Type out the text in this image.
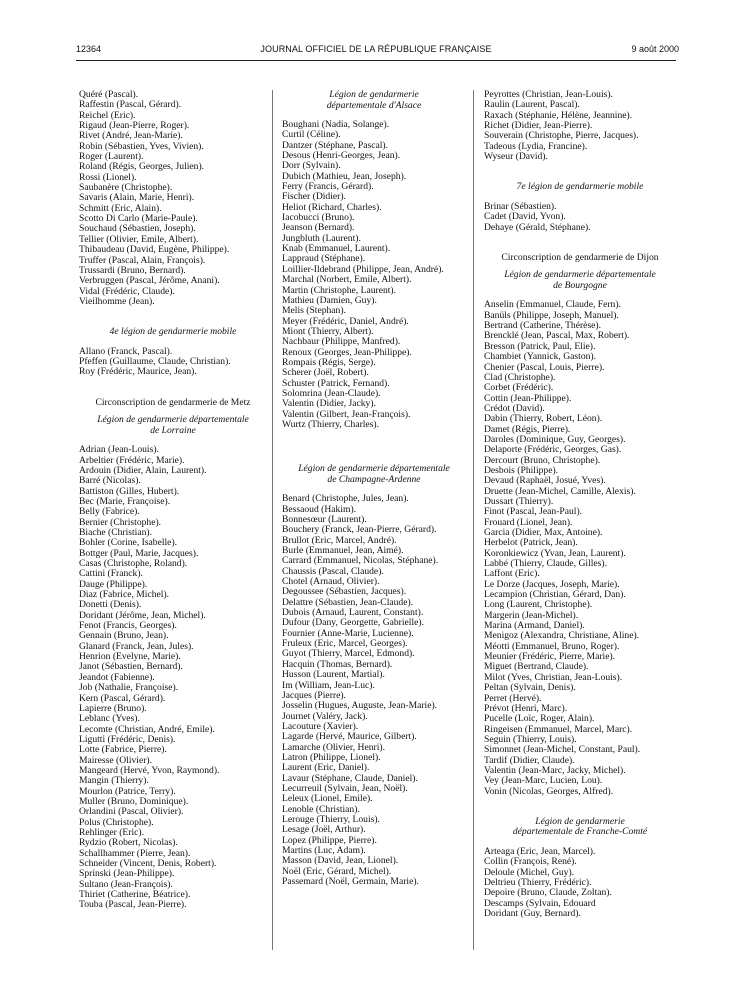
12364	JOURNAL OFFICIEL DE LA RÉPUBLIQUE FRANÇAISE	9 août 2000
Quéré (Pascal).
Raffestin (Pascal, Gérard).
Reichel (Eric).
Rigaud (Jean-Pierre, Roger).
Rivet (André, Jean-Marie).
Robin (Sébastien, Yves, Vivien).
Roger (Laurent).
Roland (Régis, Georges, Julien).
Rossi (Lionel).
Saubanère (Christophe).
Savaris (Alain, Marie, Henri).
Schmitt (Eric, Alain).
Scotto Di Carlo (Marie-Paule).
Souchaud (Sébastien, Joseph).
Tellier (Olivier, Emile, Albert).
Thibaudeau (David, Eugène, Philippe).
Truffer (Pascal, Alain, François).
Trussardi (Bruno, Bernard).
Verbruggen (Pascal, Jérôme, Anani).
Vidal (Frédéric, Claude).
Vieilhomme (Jean).
4e légion de gendarmerie mobile
Allano (Franck, Pascal).
Pfeffen (Guillaume, Claude, Christian).
Roy (Frédéric, Maurice, Jean).
Circonscription de gendarmerie de Metz
Légion de gendarmerie départementale
de Lorraine
Adrian (Jean-Louis).
Arbeltier (Frédéric, Marie).
Ardouin (Didier, Alain, Laurent).
Barré (Nicolas).
Battiston (Gilles, Hubert).
Bec (Marie, Françoise).
Belly (Fabrice).
Bernier (Christophe).
Biache (Christian).
Bohler (Corine, Isabelle).
Bottger (Paul, Marie, Jacques).
Casas (Christophe, Roland).
Cattini (Franck).
Dauge (Philippe).
Diaz (Fabrice, Michel).
Donetti (Denis).
Doridant (Jérôme, Jean, Michel).
Fenot (Francis, Georges).
Gennain (Bruno, Jean).
Glanard (Franck, Jean, Jules).
Henrion (Evelyne, Marie).
Janot (Sébastien, Bernard).
Jeandot (Fabienne).
Job (Nathalie, Françoise).
Kern (Pascal, Gérard).
Lapierre (Bruno).
Leblanc (Yves).
Lecomte (Christian, André, Emile).
Ligutti (Frédéric, Denis).
Lotte (Fabrice, Pierre).
Mairesse (Olivier).
Mangeard (Hervé, Yvon, Raymond).
Mangin (Thierry).
Mourlon (Patrice, Terry).
Muller (Bruno, Dominique).
Orlandini (Pascal, Olivier).
Polus (Christophe).
Rehlinger (Eric).
Rydzio (Robert, Nicolas).
Schallhammer (Pierre, Jean).
Schneider (Vincent, Denis, Robert).
Sprinski (Jean-Philippe).
Sultano (Jean-François).
Thiriet (Catherine, Béatrice).
Touba (Pascal, Jean-Pierre).
Légion de gendarmerie
départementale d'Alsace
Boughani (Nadia, Solange).
Curtil (Céline).
Dantzer (Stéphane, Pascal).
Desous (Henri-Georges, Jean).
Dorr (Sylvain).
Dubich (Mathieu, Jean, Joseph).
Ferry (Francis, Gérard).
Fischer (Didier).
Heliot (Richard, Charles).
Iacobucci (Bruno).
Jeanson (Bernard).
Jungbluth (Laurent).
Knab (Emmanuel, Laurent).
Lappraud (Stéphane).
Loillier-Ildebrand (Philippe, Jean, André).
Marchal (Norbert, Emile, Albert).
Martin (Christophe, Laurent).
Mathieu (Damien, Guy).
Melis (Stephan).
Meyer (Frédéric, Daniel, André).
Miont (Thierry, Albert).
Nachbaur (Philippe, Manfred).
Renoux (Georges, Jean-Philippe).
Rompais (Régis, Serge).
Scherer (Joël, Robert).
Schuster (Patrick, Fernand).
Solomrina (Jean-Claude).
Valentin (Didier, Jacky).
Valentin (Gilbert, Jean-François).
Wurtz (Thierry, Charles).
Légion de gendarmerie départementale
de Champagne-Ardenne
Benard (Christophe, Jules, Jean).
Bessaoud (Hakim).
Bonnesœur (Laurent).
Bouchery (Franck, Jean-Pierre, Gérard).
Brullot (Eric, Marcel, André).
Burle (Emmanuel, Jean, Aimé).
Carrard (Emmanuel, Nicolas, Stéphane).
Chaussis (Pascal, Claude).
Chotel (Arnaud, Olivier).
Degoussee (Sébastien, Jacques).
Delattre (Sébastien, Jean-Claude).
Dubois (Arnaud, Laurent, Constant).
Dufour (Dany, Georgette, Gabrielle).
Fournier (Anne-Marie, Lucienne).
Fruleux (Eric, Marcel, Georges).
Guyot (Thierry, Marcel, Edmond).
Hacquin (Thomas, Bernard).
Husson (Laurent, Martial).
Im (William, Jean-Luc).
Jacques (Pierre).
Josselin (Hugues, Auguste, Jean-Marie).
Journet (Valéry, Jack).
Lacouture (Xavier).
Lagarde (Hervé, Maurice, Gilbert).
Lamarche (Olivier, Henri).
Latron (Philippe, Lionel).
Laurent (Eric, Daniel).
Lavaur (Stéphane, Claude, Daniel).
Lecurreuil (Sylvain, Jean, Noël).
Leleux (Lionel, Emile).
Lenoble (Christian).
Lerouge (Thierry, Louis).
Lesage (Joël, Arthur).
Lopez (Philippe, Pierre).
Martins (Luc, Adam).
Masson (David, Jean, Lionel).
Noël (Eric, Gérard, Michel).
Passemard (Noël, Germain, Marie).
Peyrottes (Christian, Jean-Louis).
Raulin (Laurent, Pascal).
Raxach (Stéphanie, Hélène, Jeannine).
Richet (Didier, Jean-Pierre).
Souverain (Christophe, Pierre, Jacques).
Tadeous (Lydia, Francine).
Wyseur (David).
7e légion de gendarmerie mobile
Brinar (Sébastien).
Cadet (David, Yvon).
Dehaye (Gérald, Stéphane).
Circonscription de gendarmerie de Dijon
Légion de gendarmerie départementale
de Bourgogne
Anselin (Emmanuel, Claude, Fern).
Banüls (Philippe, Joseph, Manuel).
Bertrand (Catherine, Thérèse).
Brencklé (Jean, Pascal, Max, Robert).
Bresson (Patrick, Paul, Elie).
Chambiet (Yannick, Gaston).
Chenier (Pascal, Louis, Pierre).
Clad (Christophe).
Corbet (Frédéric).
Cottin (Jean-Philippe).
Crédot (David).
Dabin (Thierry, Robert, Léon).
Damet (Régis, Pierre).
Daroles (Dominique, Guy, Georges).
Delaporte (Frédéric, Georges, Gas).
Dercourt (Bruno, Christophe).
Desbois (Philippe).
Devaud (Raphaël, Josué, Yves).
Druette (Jean-Michel, Camille, Alexis).
Dussart (Thierry).
Finot (Pascal, Jean-Paul).
Frouard (Lionel, Jean).
Garcia (Didier, Max, Antoine).
Herbelot (Patrick, Jean).
Koronkiewicz (Yvan, Jean, Laurent).
Labbé (Thierry, Claude, Gilles).
Laffont (Eric).
Le Dorze (Jacques, Joseph, Marie).
Lecampion (Christian, Gérard, Dan).
Long (Laurent, Christophe).
Margerin (Jean-Michel).
Marina (Armand, Daniel).
Menigoz (Alexandra, Christiane, Aline).
Méotti (Emmanuel, Bruno, Roger).
Meunier (Frédéric, Pierre, Marie).
Miguet (Bertrand, Claude).
Milot (Yves, Christian, Jean-Louis).
Peltan (Sylvain, Denis).
Perret (Hervé).
Prévot (Henri, Marc).
Pucelle (Loïc, Roger, Alain).
Ringeisen (Emmanuel, Marcel, Marc).
Seguin (Thierry, Louis).
Simonnet (Jean-Michel, Constant, Paul).
Tardif (Didier, Claude).
Valentin (Jean-Marc, Jacky, Michel).
Vey (Jean-Marc, Lucien, Lou).
Vonin (Nicolas, Georges, Alfred).
Légion de gendarmerie
départementale de Franche-Comté
Arteaga (Eric, Jean, Marcel).
Collin (François, René).
Deloule (Michel, Guy).
Deltrieu (Thierry, Frédéric).
Depoire (Bruno, Claude, Zoltan).
Descamps (Sylvain, Edouard
Doridant (Guy, Bernard).
